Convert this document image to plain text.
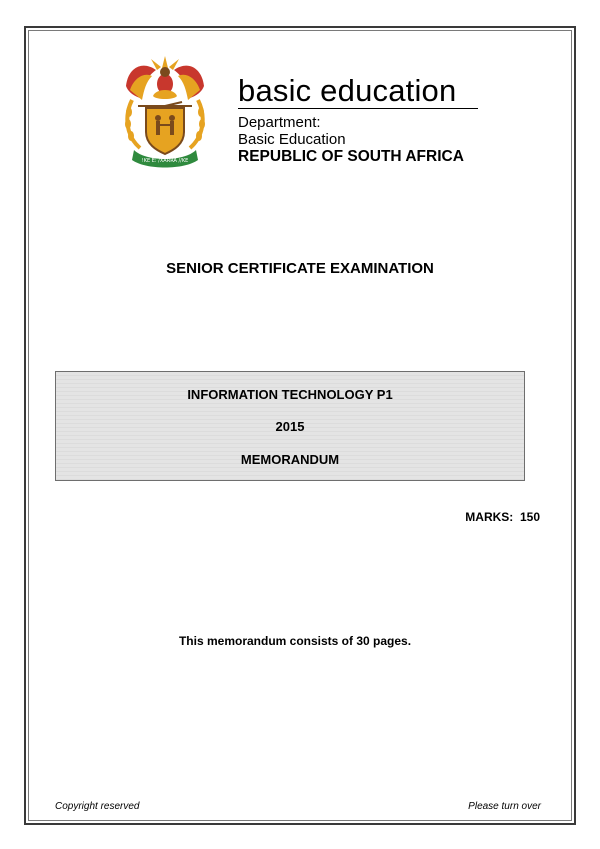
!KE E: /XARRA //KE
basic education
Department:
Basic Education
REPUBLIC OF SOUTH AFRICA
SENIOR CERTIFICATE EXAMINATION
INFORMATION TECHNOLOGY P1
2015
MEMORANDUM
MARKS: 150
This memorandum consists of 30 pages.
Copyright reserved	Please turn over
